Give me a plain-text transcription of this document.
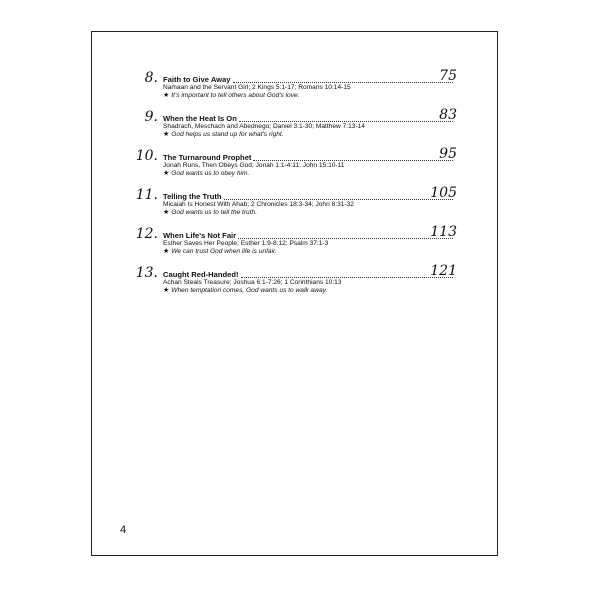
8. Faith to Give Away	75
Namaan and the Servant Girl; 2 Kings 5:1-17; Romans 10:14-15
★ It's important to tell others about God's love.
9. When the Heat Is On	83
Shadrach, Meschach and Abednego; Daniel 3:1-30; Matthew 7:13-14
★ God helps us stand up for what's right.
10. The Turnaround Prophet	95
Jonah Runs, Then Obeys God; Jonah 1:1-4:11; John 15:10-11
★ God wants us to obey him.
11. Telling the Truth	105
Micaiah Is Honest With Ahab; 2 Chronicles 18:3-34; John 8:31-32
★ God wants us to tell the truth.
12. When Life's Not Fair	113
Esther Saves Her People; Esther 1:9-8:12; Psalm 37:1-3
★ We can trust God when life is unfair.
13. Caught Red-Handed!	121
Achan Steals Treasure; Joshua 6:1-7:26; 1 Corinthians 10:13
★ When temptation comes, God wants us to walk away.
4
